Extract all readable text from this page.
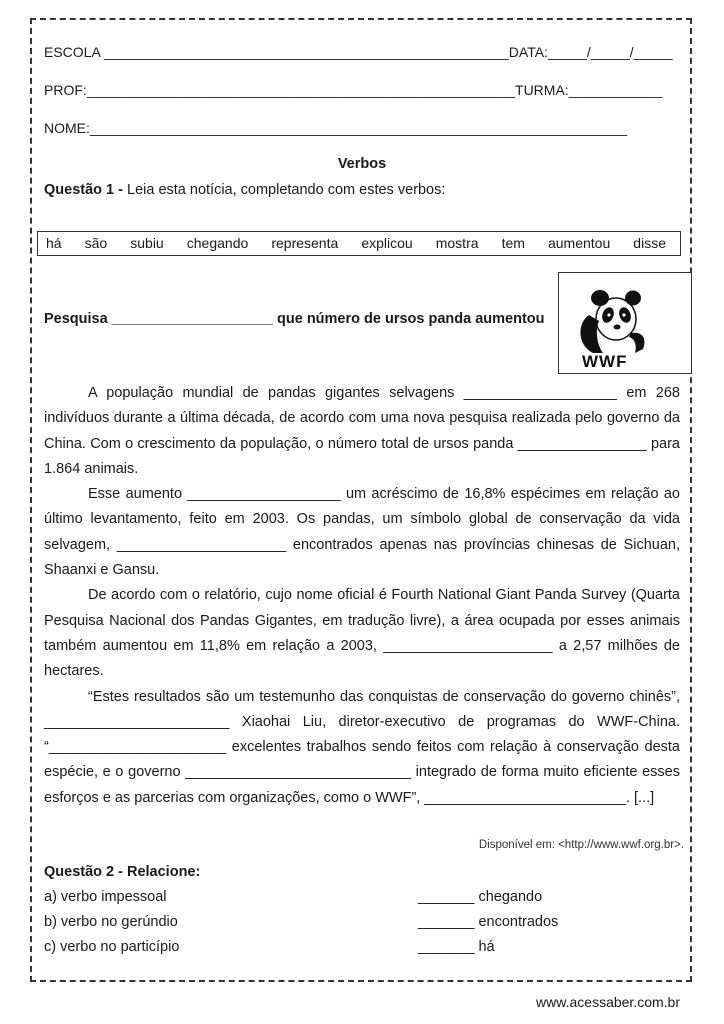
ESCOLA ____________________________________________________DATA:_____/_____/_____
PROF:_______________________________________________________TURMA:____________
NOME:_____________________________________________________________________
Verbos
Questão 1 - Leia esta notícia, completando com estes verbos:
há são subiu chegando representa explicou mostra tem aumentou disse
Pesquisa ____________________ que número de ursos panda aumentou
WWF

A população mundial de pandas gigantes selvagens ___________________ em 268 indivíduos durante a última década, de acordo com uma nova pesquisa realizada pelo governo da China. Com o crescimento da população, o número total de ursos panda ________________ para 1.864 animais.

Esse aumento ___________________ um acréscimo de 16,8% espécimes em relação ao último levantamento, feito em 2003. Os pandas, um símbolo global de conservação da vida selvagem, _____________________ encontrados apenas nas províncias chinesas de Sichuan, Shaanxi e Gansu.

De acordo com o relatório, cujo nome oficial é Fourth National Giant Panda Survey (Quarta Pesquisa Nacional dos Pandas Gigantes, em tradução livre), a área ocupada por esses animais também aumentou em 11,8% em relação a 2003, _____________________ a 2,57 milhões de hectares.

“Estes resultados são um testemunho das conquistas de conservação do governo chinês”, _______________________ Xiaohai Liu, diretor-executivo de programas do WWF-China. “______________________ excelentes trabalhos sendo feitos com relação à conservação desta espécie, e o governo ____________________________ integrado de forma muito eficiente esses esforços e as parcerias com organizações, como o WWF”, _________________________. [...]

Disponível em: <http://www.wwf.org.br>.
Questão 2 - Relacione:
a) verbo impessoal
b) verbo no gerúndio
c) verbo no particípio
_______ chegando
_______ encontrados
_______ há
www.acessaber.com.br
